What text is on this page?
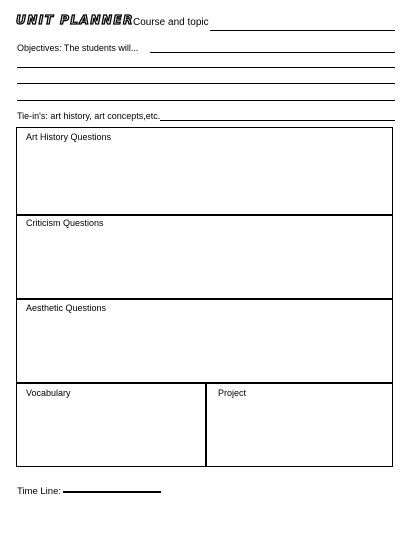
UNIT PLANNER Course and topic
Objectives: The students will...
Tie-in's: art history, art concepts,etc.
Art History Questions
Criticism Questions
Aesthetic Questions
Vocabulary	Project
Time Line:
